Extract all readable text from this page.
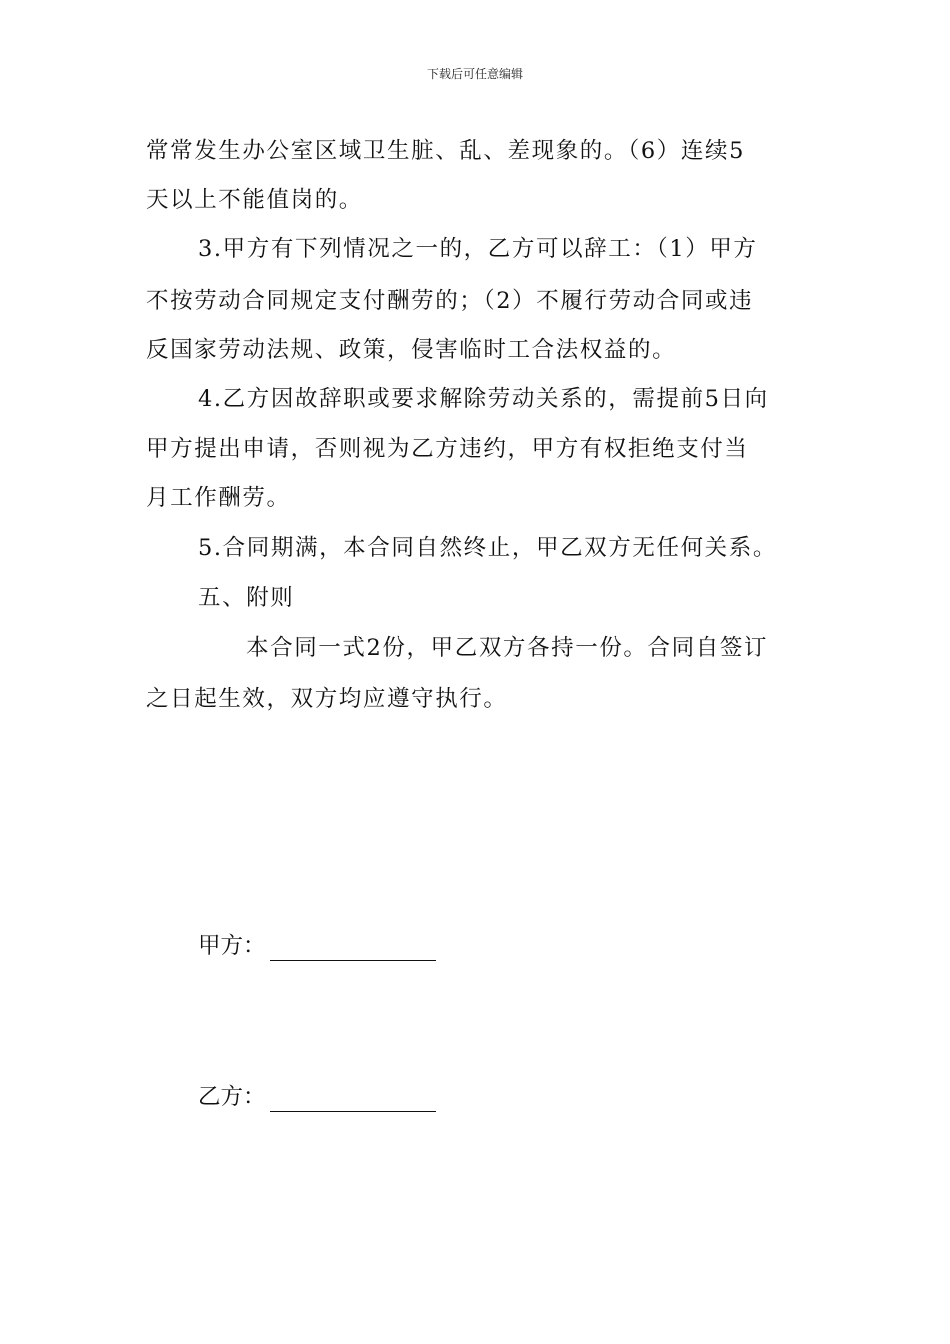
下载后可任意编辑
常常发生办公室区域卫生脏、乱、差现象的。（6）连续5
天以上不能值岗的。
3.甲方有下列情况之一的，乙方可以辞工：（1）甲方
不按劳动合同规定支付酬劳的；（2）不履行劳动合同或违
反国家劳动法规、政策，侵害临时工合法权益的。
4.乙方因故辞职或要求解除劳动关系的，需提前5日向
甲方提出申请，否则视为乙方违约，甲方有权拒绝支付当
月工作酬劳。
5.合同期满，本合同自然终止，甲乙双方无任何关系。
五、附则
本合同一式2份，甲乙双方各持一份。合同自签订
之日起生效，双方均应遵守执行。
甲方：
乙方：
